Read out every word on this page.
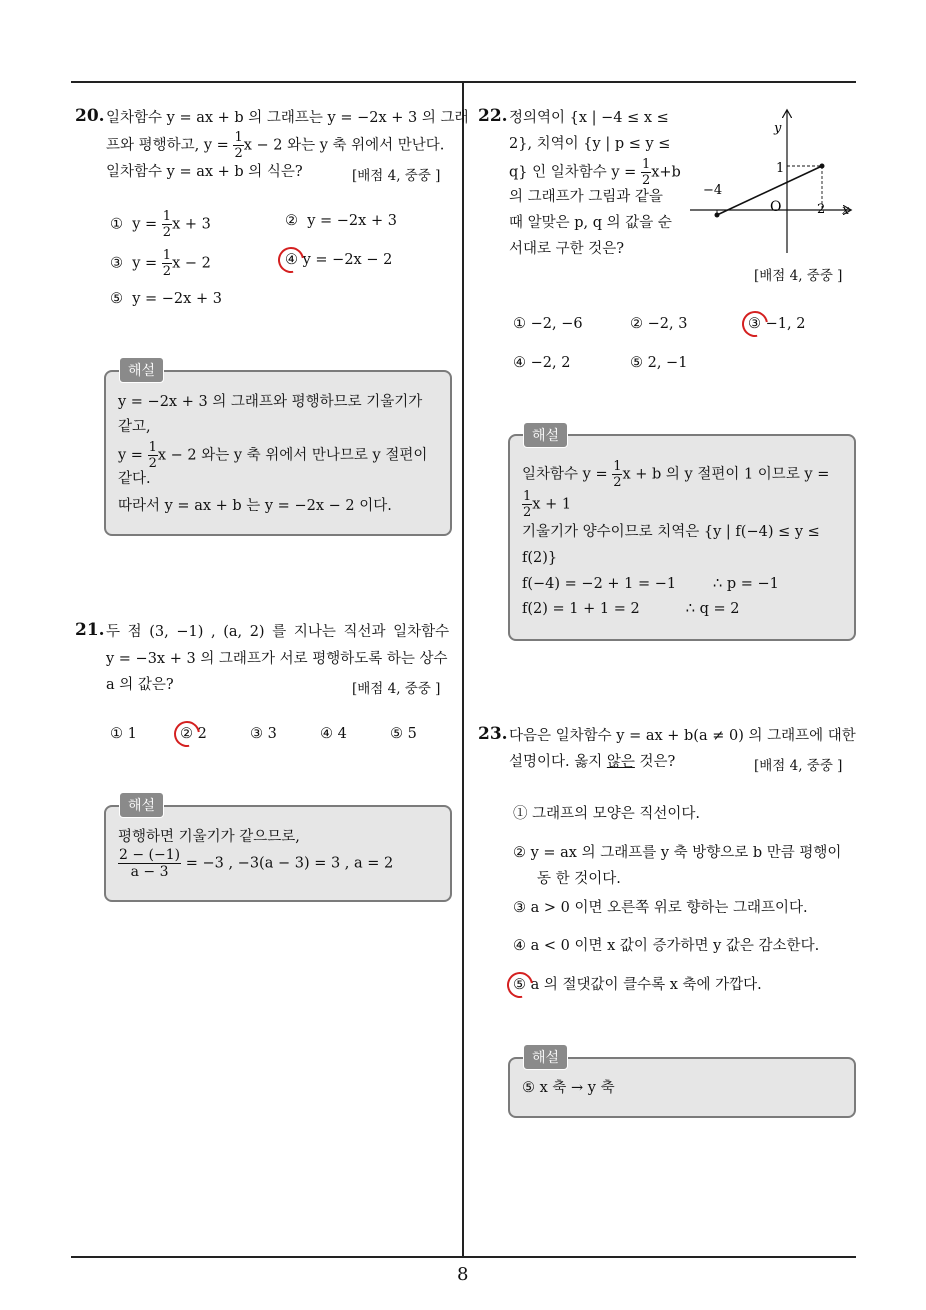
8
20. 일차함수 y = ax + b 의 그래프는 y = −2x + 3 의 그래
프와 평행하고, $y = \frac{1}{2}$ x − 2 와는 y 축 위에서 만난다.
일차함수 y = ax + b 의 식은?	[배점 4, 중중 ]
① $y = \frac{1}{2}$ x + 3	② y = −2x + 3
③ $y = \frac{1}{2}$ x − 2	④ y = −2x − 2
⑤ y = −2x + 3
해설
y = −2x + 3 의 그래프와 평행하므로 기울기가
같고,
$y = \frac{1}{2}$ x − 2 와는 y 축 위에서 만나므로 y 절편이
같다.
따라서 y = ax + b 는 y = −2x − 2 이다.
21. 두 점 (3, −1) , (a, 2) 를 지나는 직선과 일차함수
y = −3x + 3 의 그래프가 서로 평행하도록 하는 상수
a 의 값은?	[배점 4, 중중 ]
① 1	② 2	③ 3	④ 4	⑤ 5
해설
평행하면 기울기가 같으므로,
$\frac{2 - (-1)}{a - 3} = -3$ , −3(a − 3) = 3 , a = 2
22. 정의역이 {x | −4 ≤ x ≤
2}, 치역이 {y | p ≤ y ≤
q} 인 일차함수 $y = \frac{1}{2} x+b$
의 그래프가 그림과 같을
때 알맞은 p, q 의 값을 순
서대로 구한 것은?
[배점 4, 중중 ]
y
x
O
1
−4
2
① −2, −6	② −2, 3	③ −1, 2
④ −2, 2	⑤ 2, −1
해설
일차함수 $y = \frac{1}{2}$ x + b 의 y 절편이 1 이므로 y =
$\frac{1}{2}$ x + 1
기울기가 양수이므로 치역은 {y | f(−4) ≤ y ≤
f(2)}
f(−4) = −2 + 1 = −1        ∴ p = −1
f(2) = 1 + 1 = 2          ∴ q = 2
23. 다음은 일차함수 y = ax + b(a ≠ 0) 의 그래프에 대한
설명이다. 옳지 않은 것은?	[배점 4, 중중 ]
① 그래프의 모양은 직선이다.
② y = ax 의 그래프를 y 축 방향으로 b 만큼 평행이
동 한 것이다.
③ a > 0 이면 오른쪽 위로 향하는 그래프이다.
④ a < 0 이면 x 값이 증가하면 y 값은 감소한다.
⑤ a 의 절댓값이 클수록 x 축에 가깝다.
해설
⑤ x 축 → y 축
